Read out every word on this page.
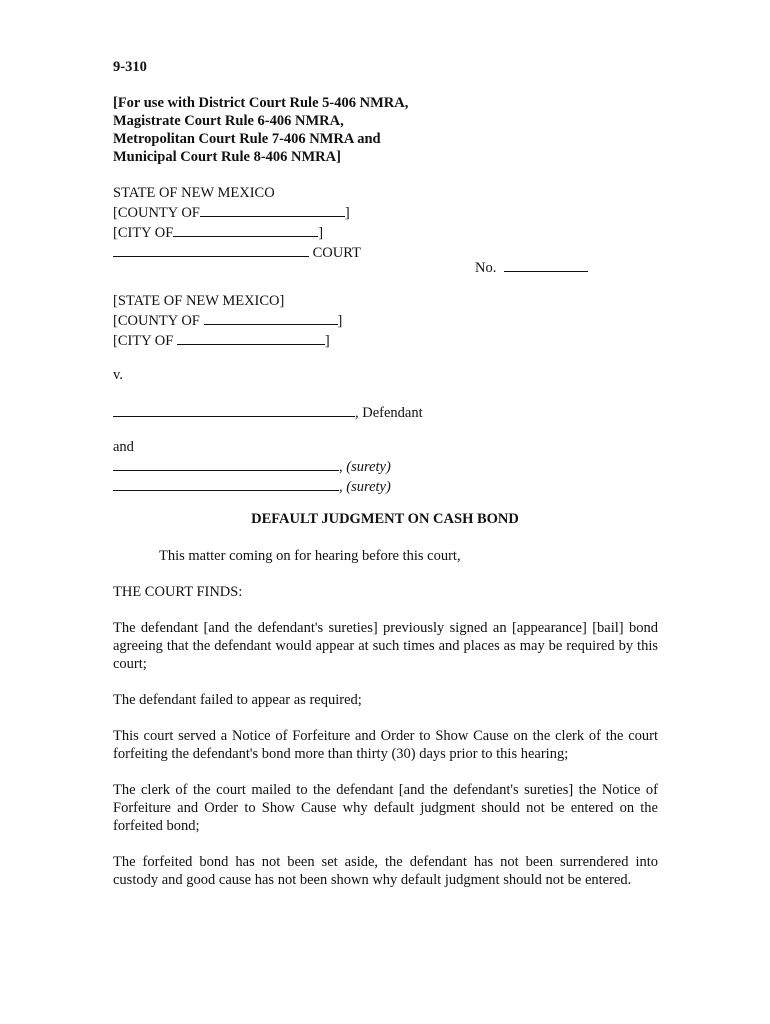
9-310
[For use with District Court Rule 5-406 NMRA,
Magistrate Court Rule 6-406 NMRA,
Metropolitan Court Rule 7-406 NMRA and
Municipal Court Rule 8-406 NMRA]
STATE OF NEW MEXICO
[COUNTY OF	]
[CITY OF	]
COURT
No.
[STATE OF NEW MEXICO]
[COUNTY OF	]
[CITY OF	]
v.
, Defendant
and
, (surety)
, (surety)
DEFAULT JUDGMENT ON CASH BOND
This matter coming on for hearing before this court,
THE COURT FINDS:
The defendant [and the defendant's sureties] previously signed an [appearance] [bail] bond agreeing that the defendant would appear at such times and places as may be required by this court;
The defendant failed to appear as required;
This court served a Notice of Forfeiture and Order to Show Cause on the clerk of the court forfeiting the defendant's bond more than thirty (30) days prior to this hearing;
The clerk of the court mailed to the defendant [and the defendant's sureties] the Notice of Forfeiture and Order to Show Cause why default judgment should not be entered on the forfeited bond;
The forfeited bond has not been set aside, the defendant has not been surrendered into custody and good cause has not been shown why default judgment should not be entered.
